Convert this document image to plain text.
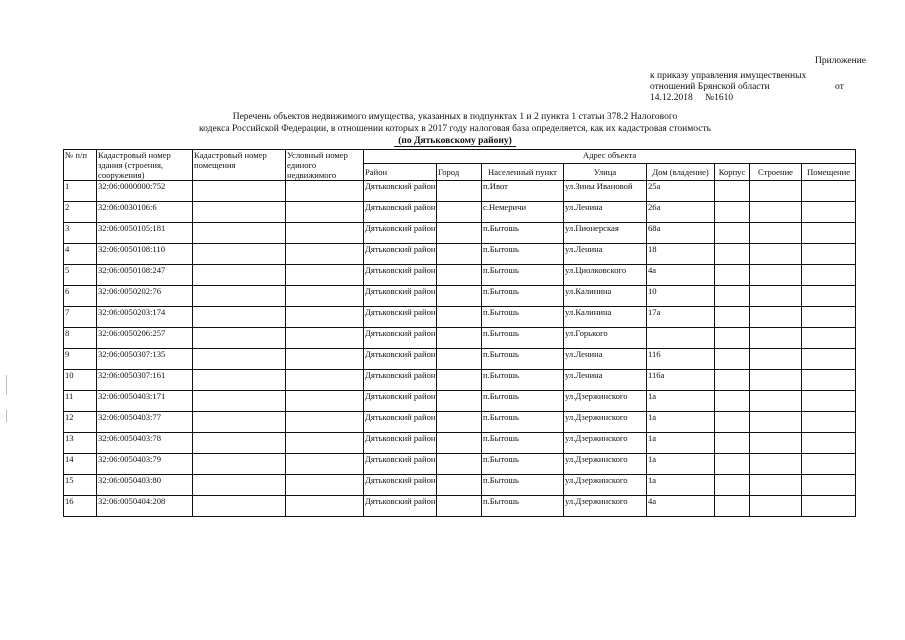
Приложение
к приказу управления имущественных
отношений Брянской области	от
14.12.2018 №1610
Перечень объектов недвижимого имущества, указанных в подпунктах 1 и 2 пункта 1 статьи 378.2 Налогового
кодекса Российской Федерации, в отношении которых в 2017 году налоговая база определяется, как их кадастровая стоимость
(по Дятьковскому району)
№ п/п	Кадастровый номер здания (строения, сооружения)	Кадастровый номер помещения	Условный номер единого недвижимого	Адрес объекта							
				Район	Город	Населенный пункт	Улица	Дом (владение)	Корпус	Строение	Помещение
1	32:06:0000000:752			Дятьковский район		п.Ивот	ул.Зины Ивановой	25а			
2	32:06:0030106:6			Дятьковский район		с.Немеричи	ул.Ленина	26а			
3	32:06:0050105:181			Дятьковский район		п.Бытошь	ул.Пионерская	68а			
4	32:06:0050108:110			Дятьковский район		п.Бытошь	ул.Ленина	18			
5	32:06:0050108:247			Дятьковский район		п.Бытошь	ул.Циолковского	4а			
6	32:06:0050202:76			Дятьковский район		п.Бытошь	ул.Калинина	10			
7	32:06:0050203:174			Дятьковский район		п.Бытошь	ул.Калинина	17а			
8	32:06:0050206:257			Дятьковский район		п.Бытошь	ул.Горького				
9	32:06:0050307:135			Дятьковский район		п.Бытошь	ул.Ленина	116			
10	32:06:0050307:161			Дятьковский район		п.Бытошь	ул.Ленина	116а			
11	32:06:0050403:171			Дятьковский район		п.Бытошь	ул.Дзержинского	1а			
12	32:06:0050403:77			Дятьковский район		п.Бытошь	ул.Дзержинского	1а			
13	32:06:0050403:78			Дятьковский район		п.Бытошь	ул.Дзержинского	1а			
14	32:06:0050403:79			Дятьковский район		п.Бытошь	ул.Дзержинского	1а			
15	32:06:0050403:80			Дятьковский район		п.Бытошь	ул.Дзержинского	1а			
16	32:06:0050404:208			Дятьковский район		п.Бытошь	ул.Дзержинского	4а			
